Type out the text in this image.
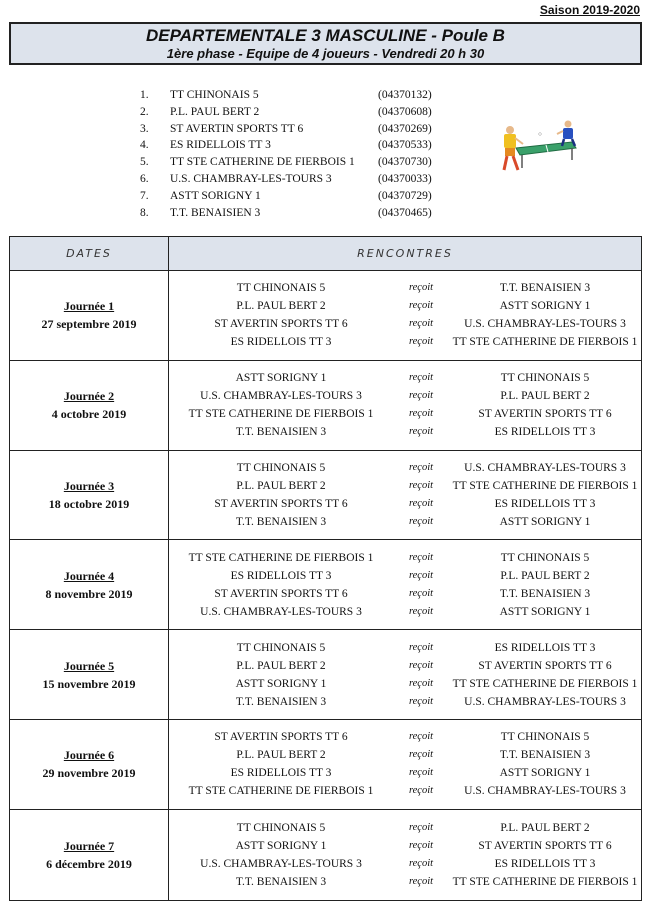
Saison 2019-2020
DEPARTEMENTALE 3 MASCULINE - Poule B
1ère phase - Equipe de 4 joueurs - Vendredi 20 h 30
1.	TT CHINONAIS 5	(04370132)
2.	P.L. PAUL BERT 2	(04370608)
3.	ST AVERTIN SPORTS TT 6	(04370269)
4.	ES RIDELLOIS TT 3	(04370533)
5.	TT STE CATHERINE DE FIERBOIS 1	(04370730)
6.	U.S. CHAMBRAY-LES-TOURS 3	(04370033)
7.	ASTT SORIGNY 1	(04370729)
8.	T.T. BENAISIEN 3	(04370465)
DATES	RENCONTRES
Journée 1
27 septembre 2019
TT CHINONAIS 5	reçoit	T.T. BENAISIEN 3
P.L. PAUL BERT 2	reçoit	ASTT SORIGNY 1
ST AVERTIN SPORTS TT 6	reçoit	U.S. CHAMBRAY-LES-TOURS 3
ES RIDELLOIS TT 3	reçoit	TT STE CATHERINE DE FIERBOIS 1
Journée 2
4 octobre 2019
ASTT SORIGNY 1	reçoit	TT CHINONAIS 5
U.S. CHAMBRAY-LES-TOURS 3	reçoit	P.L. PAUL BERT 2
TT STE CATHERINE DE FIERBOIS 1	reçoit	ST AVERTIN SPORTS TT 6
T.T. BENAISIEN 3	reçoit	ES RIDELLOIS TT 3
Journée 3
18 octobre 2019
TT CHINONAIS 5	reçoit	U.S. CHAMBRAY-LES-TOURS 3
P.L. PAUL BERT 2	reçoit	TT STE CATHERINE DE FIERBOIS 1
ST AVERTIN SPORTS TT 6	reçoit	ES RIDELLOIS TT 3
T.T. BENAISIEN 3	reçoit	ASTT SORIGNY 1
Journée 4
8 novembre 2019
TT STE CATHERINE DE FIERBOIS 1	reçoit	TT CHINONAIS 5
ES RIDELLOIS TT 3	reçoit	P.L. PAUL BERT 2
ST AVERTIN SPORTS TT 6	reçoit	T.T. BENAISIEN 3
U.S. CHAMBRAY-LES-TOURS 3	reçoit	ASTT SORIGNY 1
Journée 5
15 novembre 2019
TT CHINONAIS 5	reçoit	ES RIDELLOIS TT 3
P.L. PAUL BERT 2	reçoit	ST AVERTIN SPORTS TT 6
ASTT SORIGNY 1	reçoit	TT STE CATHERINE DE FIERBOIS 1
T.T. BENAISIEN 3	reçoit	U.S. CHAMBRAY-LES-TOURS 3
Journée 6
29 novembre 2019
ST AVERTIN SPORTS TT 6	reçoit	TT CHINONAIS 5
P.L. PAUL BERT 2	reçoit	T.T. BENAISIEN 3
ES RIDELLOIS TT 3	reçoit	ASTT SORIGNY 1
TT STE CATHERINE DE FIERBOIS 1	reçoit	U.S. CHAMBRAY-LES-TOURS 3
Journée 7
6 décembre 2019
TT CHINONAIS 5	reçoit	P.L. PAUL BERT 2
ASTT SORIGNY 1	reçoit	ST AVERTIN SPORTS TT 6
U.S. CHAMBRAY-LES-TOURS 3	reçoit	ES RIDELLOIS TT 3
T.T. BENAISIEN 3	reçoit	TT STE CATHERINE DE FIERBOIS 1
